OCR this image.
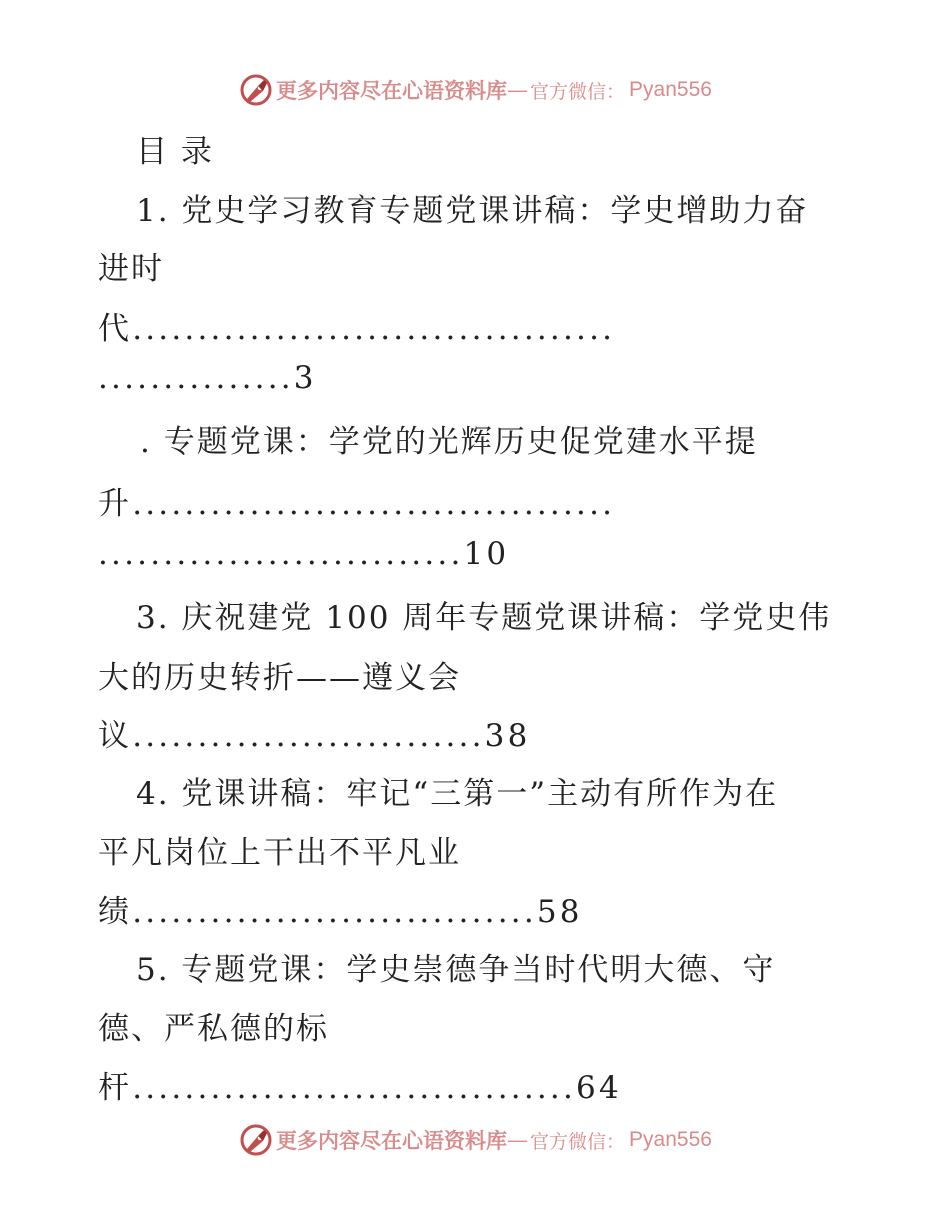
更多内容尽在心语资料库 — 官方微信： Pyan556
目 录
1. 党史学习教育专题党课讲稿：学史增助力奋
进时
代.....................................
...............3
. 专题党课：学党的光辉历史促党建水平提
升.....................................
............................10
3. 庆祝建党 100 周年专题党课讲稿：学党史伟
大的历史转折——遵义会
议...........................38
4. 党课讲稿：牢记“三第一”主动有所作为在
平凡岗位上干出不平凡业
绩...............................58
5. 专题党课：学史崇德争当时代明大德、守
德、严私德的标
杆..................................64
更多内容尽在心语资料库 — 官方微信： Pyan556
